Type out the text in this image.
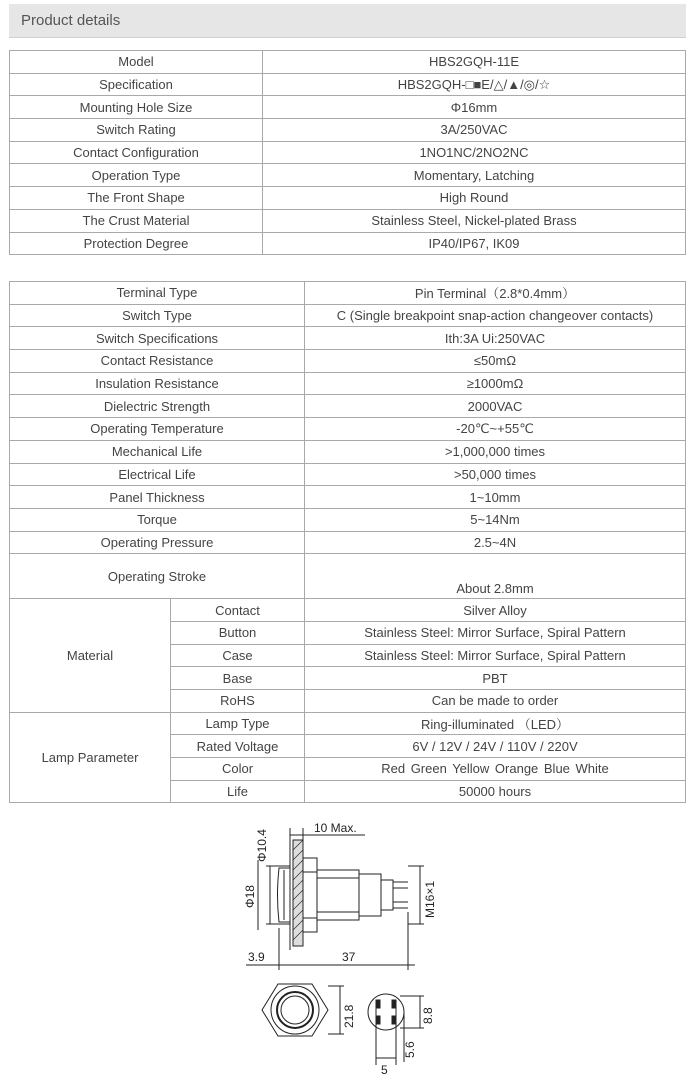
Product details
Model	HBS2GQH-11E
Specification	HBS2GQH-□■E/△/▲/◎/☆
Mounting Hole Size	Φ16mm
Switch Rating	3A/250VAC
Contact Configuration	1NO1NC/2NO2NC
Operation Type	Momentary, Latching
The Front Shape	High Round
The Crust Material	Stainless Steel, Nickel-plated Brass
Protection Degree	IP40/IP67, IK09
Terminal Type		Pin Terminal（2.8*0.4mm）
Switch Type		C (Single breakpoint snap-action changeover contacts)
Switch Specifications		Ith:3A Ui:250VAC
Contact Resistance		≤50mΩ
Insulation Resistance		≥1000mΩ
Dielectric Strength		2000VAC
Operating Temperature		-20℃~+55℃
Mechanical Life		>1,000,000 times
Electrical Life		>50,000 times
Panel Thickness		1~10mm
Torque		5~14Nm
Operating Pressure		2.5~4N
Operating Stroke		About 2.8mm
Material	Contact	Silver Alloy
	Button	Stainless Steel: Mirror Surface, Spiral Pattern
	Case	Stainless Steel: Mirror Surface, Spiral Pattern
	Base	PBT
	RoHS	Can be made to order
Lamp Parameter	Lamp Type	Ring-illuminated （LED）
	Rated Voltage	6V / 12V / 24V / 110V / 220V
	Color	Red Green Yellow Orange Blue White
	Life	50000 hours
10 Max.
Φ10.4
Φ18	M16×1
3.9	37
21.8	8.8
5.6
5
